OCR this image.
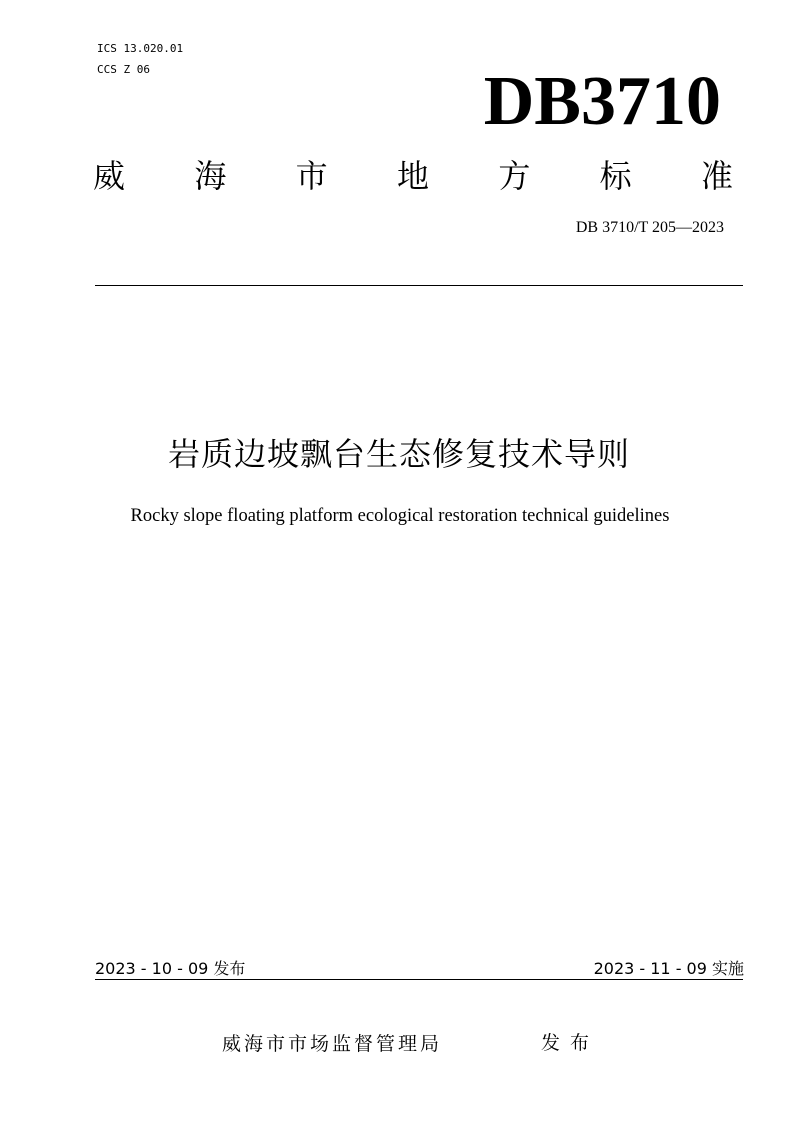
ICS 13.020.01
CCS Z 06	DB3710
威 海 市 地 方 标 准
DB 3710/T 205—2023
岩质边坡飘台生态修复技术导则
Rocky slope floating platform ecological restoration technical guidelines
2023 - 10 - 09 发布	2023 - 11 - 09 实施
威海市市场监督管理局	发布
